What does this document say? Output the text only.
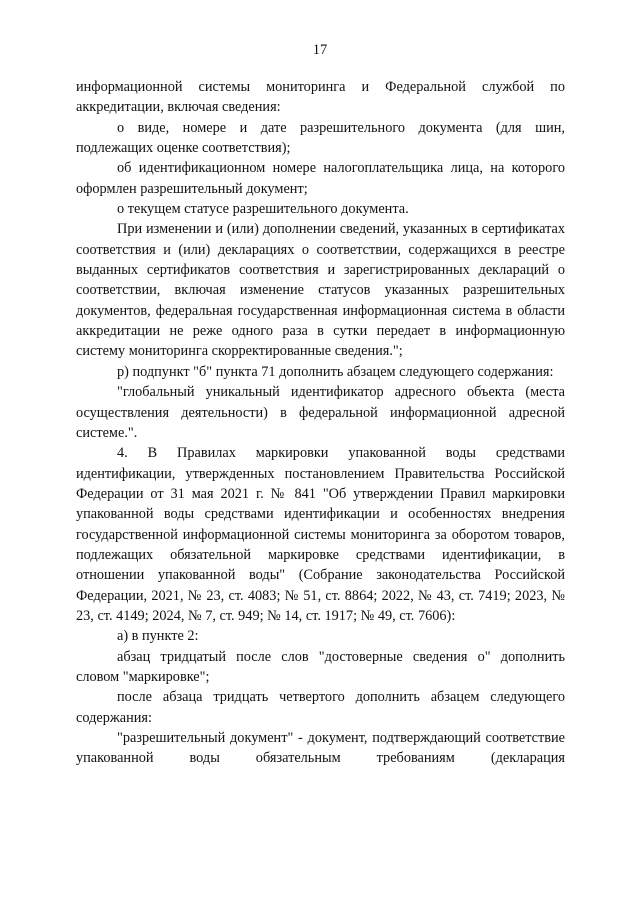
17

информационной системы мониторинга и Федеральной службой по аккредитации, включая сведения:

о виде, номере и дате разрешительного документа (для шин, подлежащих оценке соответствия);

об идентификационном номере налогоплательщика лица, на которого оформлен разрешительный документ;

о текущем статусе разрешительного документа.

При изменении и (или) дополнении сведений, указанных в сертификатах соответствия и (или) декларациях о соответствии, содержащихся в реестре выданных сертификатов соответствия и зарегистрированных деклараций о соответствии, включая изменение статусов указанных разрешительных документов, федеральная государственная информационная система в области аккредитации не реже одного раза в сутки передает в информационную систему мониторинга скорректированные сведения.";

р) подпункт "б" пункта 71 дополнить абзацем следующего содержания:

"глобальный уникальный идентификатор адресного объекта (места осуществления деятельности) в федеральной информационной адресной системе.".

4. В Правилах маркировки упакованной воды средствами идентификации, утвержденных постановлением Правительства Российской Федерации от 31 мая 2021 г. № 841 "Об утверждении Правил маркировки упакованной воды средствами идентификации и особенностях внедрения государственной информационной системы мониторинга за оборотом товаров, подлежащих обязательной маркировке средствами идентификации, в отношении упакованной воды" (Собрание законодательства Российской Федерации, 2021, № 23, ст. 4083; № 51, ст. 8864; 2022, № 43, ст. 7419; 2023, № 23, ст. 4149; 2024, № 7, ст. 949; № 14, ст. 1917; № 49, ст. 7606):

а) в пункте 2:

абзац тридцатый после слов "достоверные сведения о" дополнить словом "маркировке";

после абзаца тридцать четвертого дополнить абзацем следующего содержания:

"разрешительный документ" - документ, подтверждающий соответствие упакованной воды обязательным требованиям (декларация
